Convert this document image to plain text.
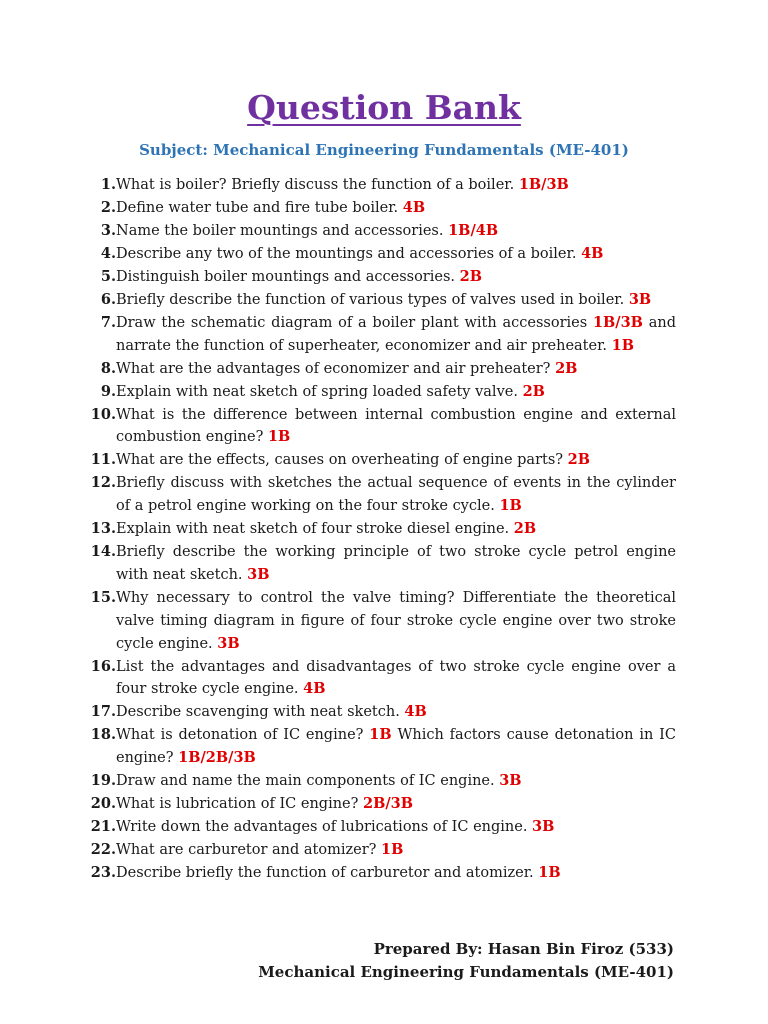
Question Bank
Subject: Mechanical Engineering Fundamentals (ME-401)
1. What is boiler? Briefly discuss the function of a boiler. 1B/3B
2. Define water tube and fire tube boiler. 4B
3. Name the boiler mountings and accessories. 1B/4B
4. Describe any two of the mountings and accessories of a boiler. 4B
5. Distinguish boiler mountings and accessories. 2B
6. Briefly describe the function of various types of valves used in boiler. 3B
7. Draw the schematic diagram of a boiler plant with accessories 1B/3B and narrate the function of superheater, economizer and air preheater. 1B
8. What are the advantages of economizer and air preheater? 2B
9. Explain with neat sketch of spring loaded safety valve. 2B
10. What is the difference between internal combustion engine and external combustion engine? 1B
11. What are the effects, causes on overheating of engine parts? 2B
12. Briefly discuss with sketches the actual sequence of events in the cylinder of a petrol engine working on the four stroke cycle. 1B
13. Explain with neat sketch of four stroke diesel engine. 2B
14. Briefly describe the working principle of two stroke cycle petrol engine with neat sketch. 3B
15. Why necessary to control the valve timing? Differentiate the theoretical valve timing diagram in figure of four stroke cycle engine over two stroke cycle engine. 3B
16. List the advantages and disadvantages of two stroke cycle engine over a four stroke cycle engine. 4B
17. Describe scavenging with neat sketch. 4B
18. What is detonation of IC engine? 1B Which factors cause detonation in IC engine? 1B/2B/3B
19. Draw and name the main components of IC engine. 3B
20. What is lubrication of IC engine? 2B/3B
21. Write down the advantages of lubrications of IC engine. 3B
22. What are carburetor and atomizer? 1B
23. Describe briefly the function of carburetor and atomizer. 1B
Prepared By: Hasan Bin Firoz (533)
Mechanical Engineering Fundamentals (ME-401)
